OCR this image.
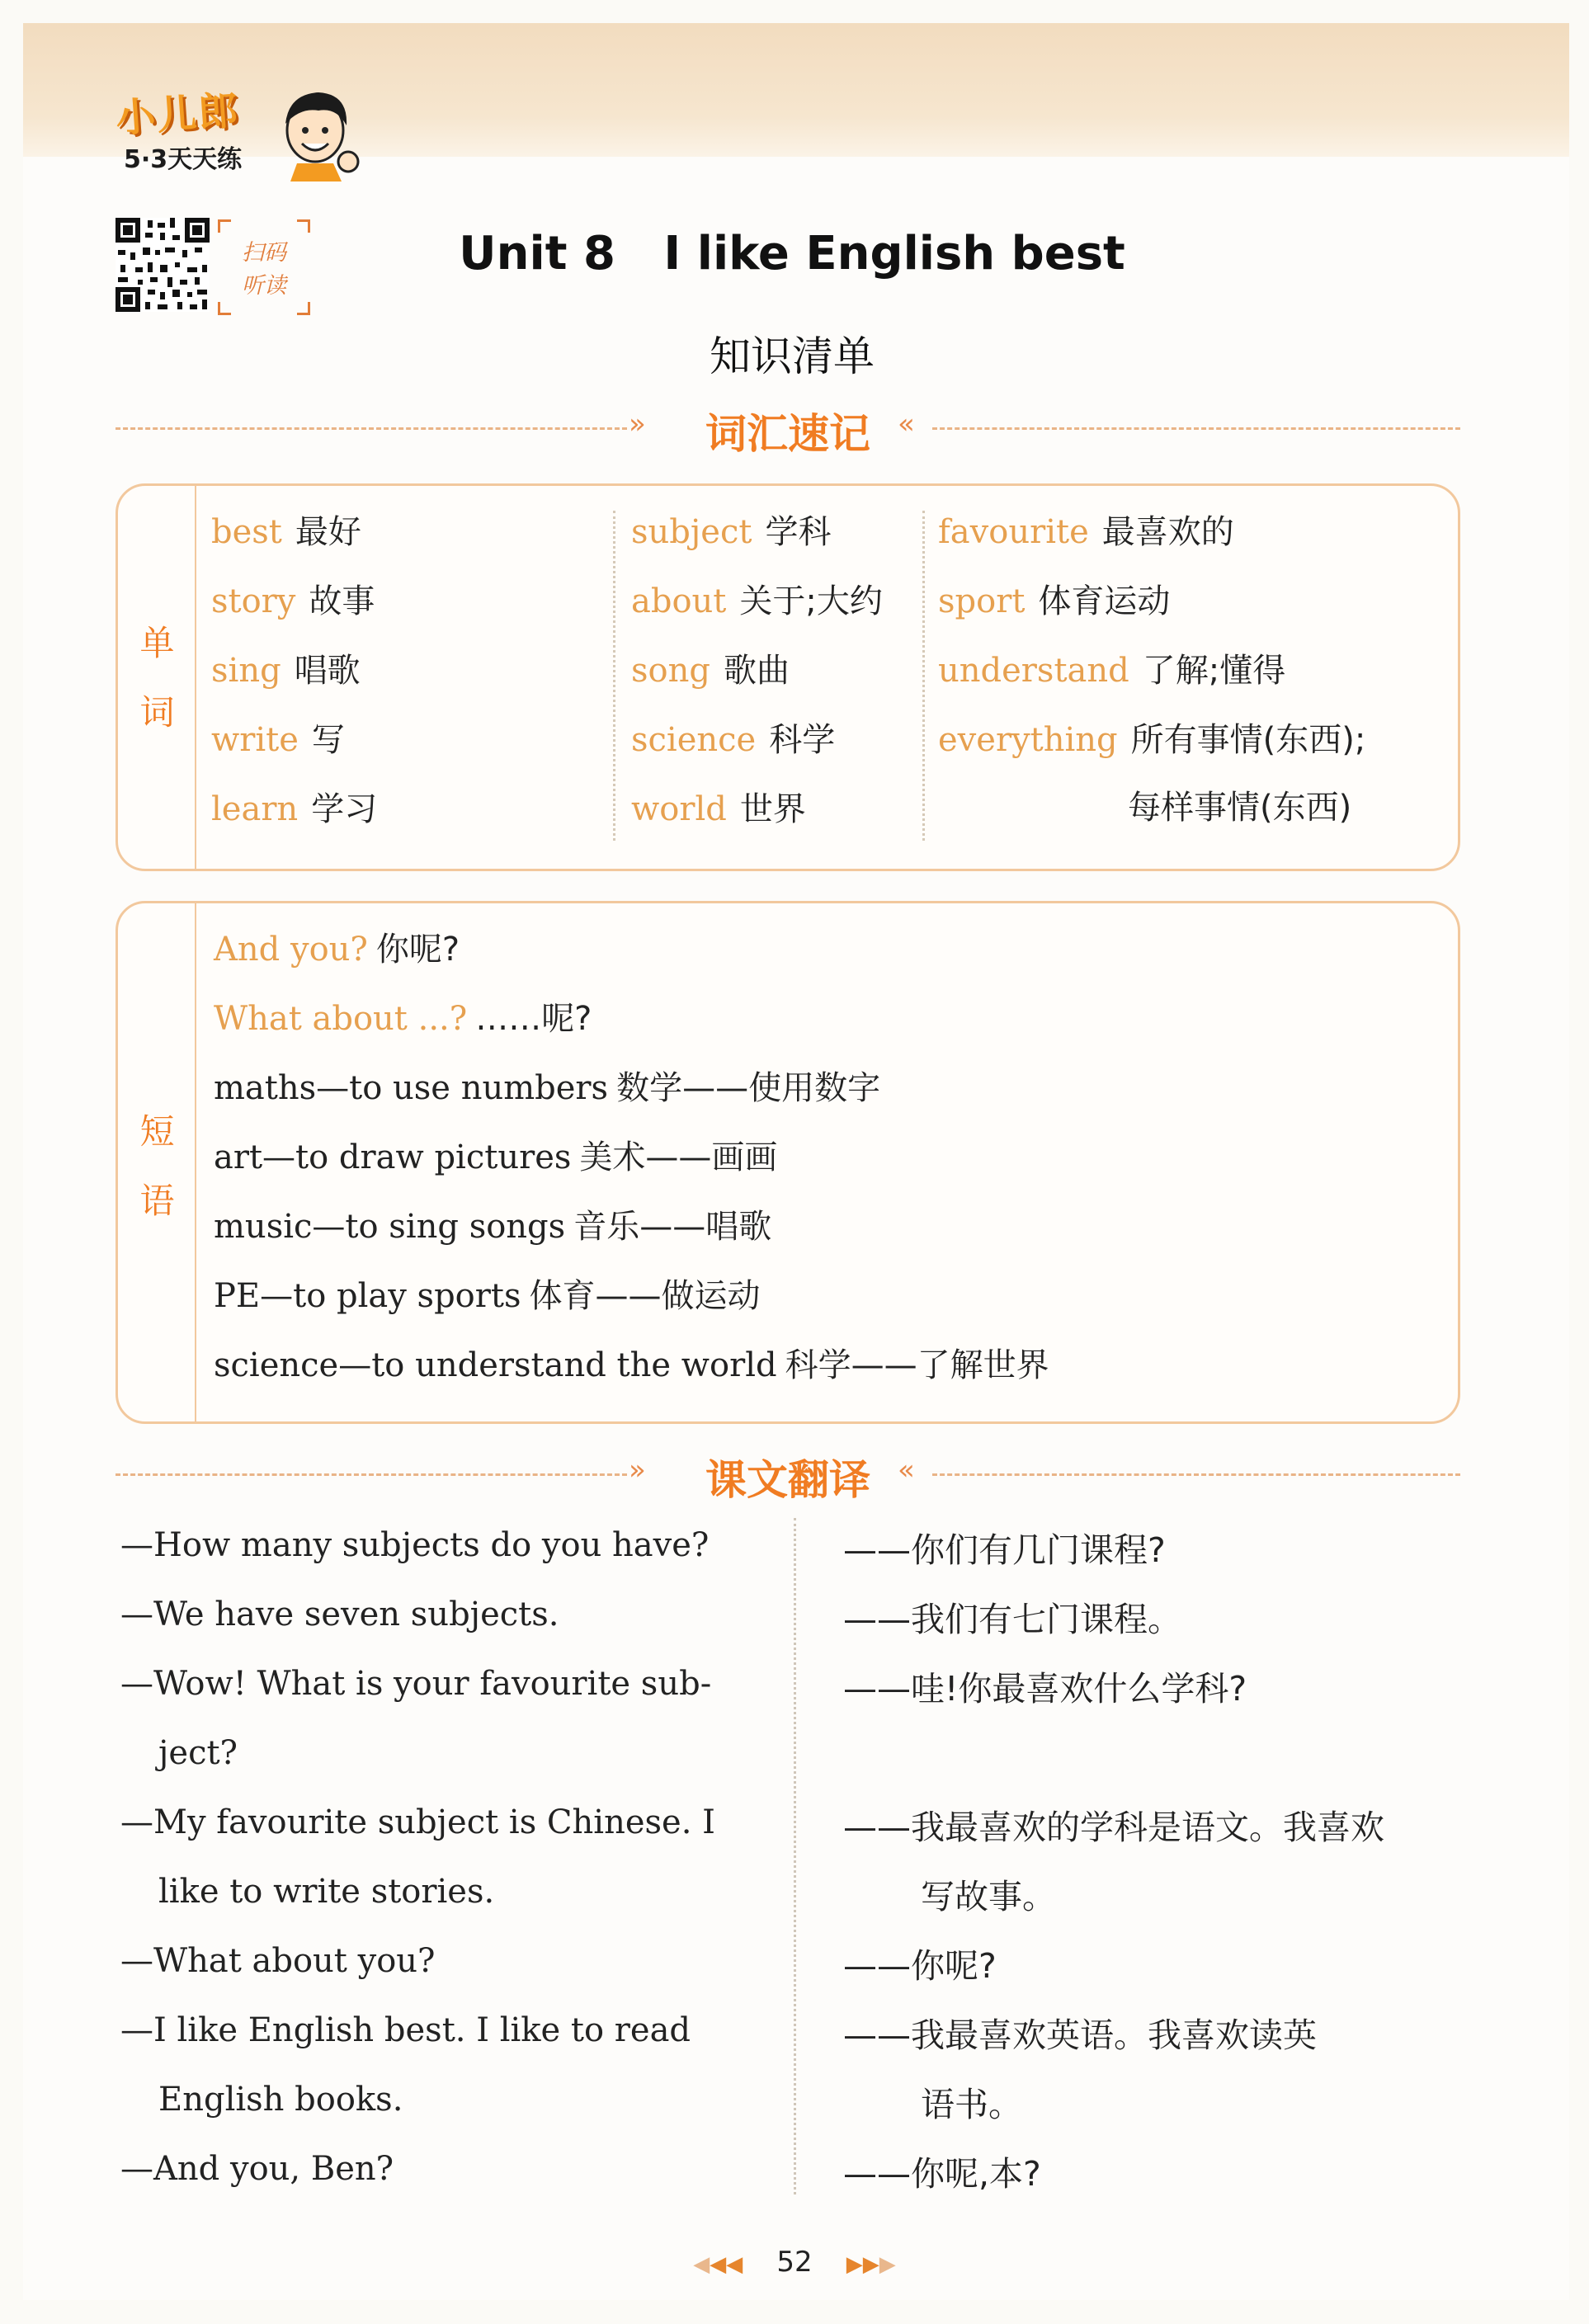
小儿郎
5·3天天练
扫码
听读
Unit 8   I like English best
知识清单
»	词汇速记 «
单
词
best 最好
story 故事
sing 唱歌
write 写
learn 学习
subject 学科
about 关于;大约
song 歌曲
science 科学
world 世界
favourite 最喜欢的
sport 体育运动
understand 了解;懂得
everything 所有事情(东西);
每样事情(东西)
短
语
And you? 你呢?
What about ...? ……呢?
maths—to use numbers 数学——使用数字
art—to draw pictures 美术——画画
music—to sing songs 音乐——唱歌
PE—to play sports 体育——做运动
science—to understand the world 科学——了解世界
»	课文翻译 «
—How many subjects do you have?
—We have seven subjects.
—Wow! What is your favourite sub-
ject?
—My favourite subject is Chinese. I
like to write stories.
—What about you?
—I like English best. I like to read
English books.
—And you, Ben?
——你们有几门课程?
——我们有七门课程。
——哇!你最喜欢什么学科?
——我最喜欢的学科是语文。我喜欢
写故事。
——你呢?
——我最喜欢英语。我喜欢读英
语书。
——你呢,本?
◀◀◀ 52 ▶▶▶
